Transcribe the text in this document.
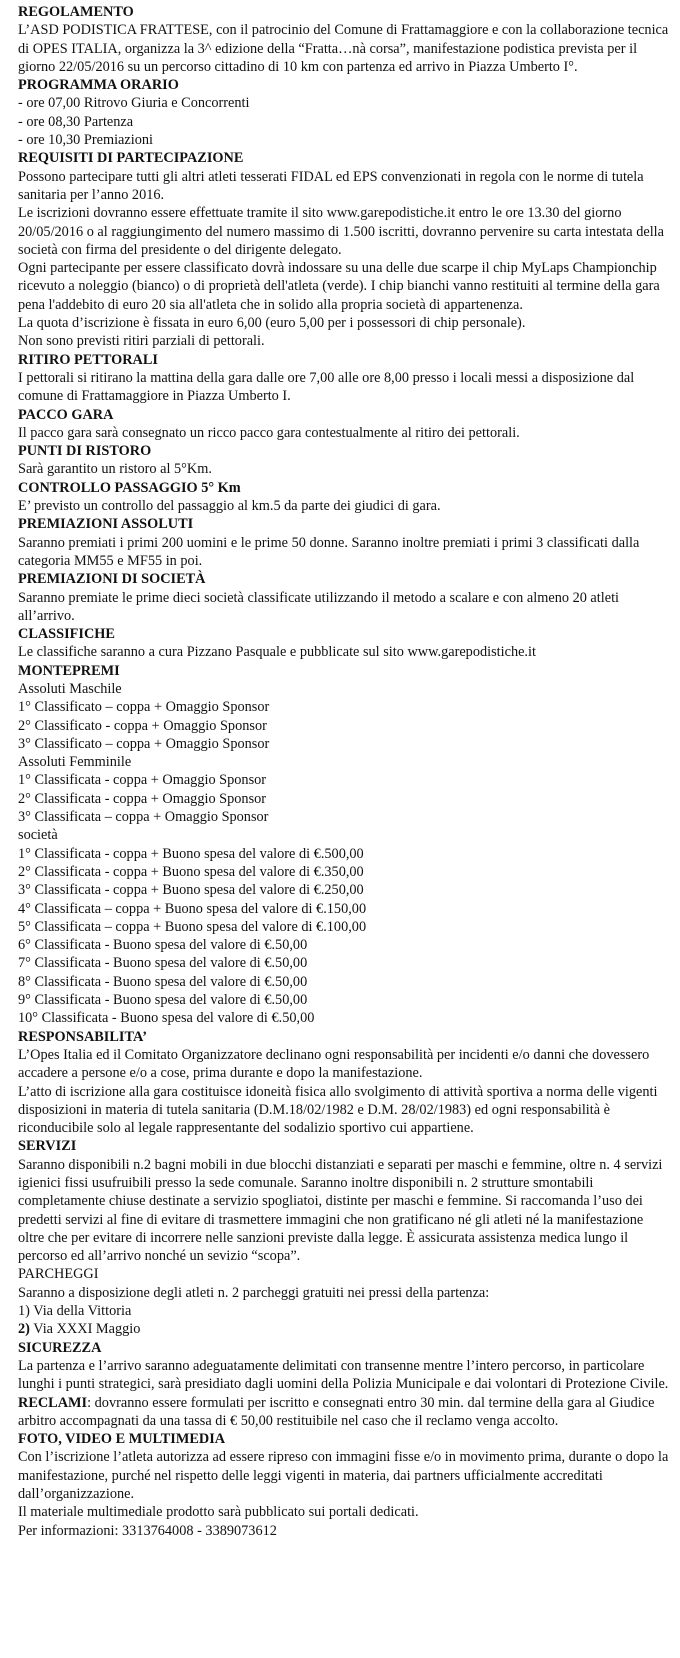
REGOLAMENTO

L’ASD PODISTICA FRATTESE, con il patrocinio del Comune di Frattamaggiore e con la collaborazione tecnica di OPES ITALIA, organizza la 3^ edizione della “Fratta…nà corsa”, manifestazione podistica prevista per il giorno 22/05/2016 su un percorso cittadino di 10 km con partenza ed arrivo in Piazza Umberto I°.

PROGRAMMA ORARIO

- ore 07,00 Ritrovo Giuria e Concorrenti

- ore 08,30 Partenza

- ore 10,30 Premiazioni

REQUISITI DI PARTECIPAZIONE

Possono partecipare tutti gli altri atleti tesserati FIDAL ed EPS convenzionati in regola con le norme di tutela sanitaria per l’anno 2016.

Le iscrizioni dovranno essere effettuate tramite il sito www.garepodistiche.it entro le ore 13.30 del giorno 20/05/2016 o al raggiungimento del numero massimo di 1.500 iscritti, dovranno pervenire su carta intestata della società con firma del presidente o del dirigente delegato.

Ogni partecipante per essere classificato dovrà indossare su una delle due scarpe il chip MyLaps Championchip ricevuto a noleggio (bianco) o di proprietà dell'atleta (verde). I chip bianchi vanno restituiti al termine della gara pena l'addebito di euro 20 sia all'atleta che in solido alla propria società di appartenenza.

La quota d’iscrizione è fissata in euro 6,00 (euro 5,00 per i possessori di chip personale).

Non sono previsti ritiri parziali di pettorali.

RITIRO PETTORALI

I pettorali si ritirano la mattina della gara dalle ore 7,00 alle ore 8,00 presso i locali messi a disposizione dal comune di Frattamaggiore in Piazza Umberto I.

PACCO GARA

Il pacco gara sarà consegnato un ricco pacco gara contestualmente al ritiro dei pettorali.

PUNTI DI RISTORO

Sarà garantito un ristoro al 5°Km.

CONTROLLO PASSAGGIO 5° Km

E’ previsto un controllo del passaggio al km.5 da parte dei giudici di gara.

PREMIAZIONI ASSOLUTI

Saranno premiati i primi 200 uomini e le prime 50 donne. Saranno inoltre premiati i primi 3 classificati dalla categoria MM55 e MF55 in poi.

PREMIAZIONI DI SOCIETÀ

Saranno premiate le prime dieci società classificate utilizzando il metodo a scalare e con almeno 20 atleti all’arrivo.

CLASSIFICHE

Le classifiche saranno a cura Pizzano Pasquale e pubblicate sul sito www.garepodistiche.it

MONTEPREMI

Assoluti Maschile

1° Classificato – coppa + Omaggio Sponsor

2° Classificato - coppa + Omaggio Sponsor

3° Classificato – coppa + Omaggio Sponsor

Assoluti Femminile

1° Classificata - coppa + Omaggio Sponsor

2° Classificata - coppa + Omaggio Sponsor

3° Classificata – coppa + Omaggio Sponsor

società

1° Classificata - coppa + Buono spesa del valore di €.500,00

2° Classificata - coppa + Buono spesa del valore di €.350,00

3° Classificata - coppa + Buono spesa del valore di €.250,00

4° Classificata – coppa + Buono spesa del valore di €.150,00

5° Classificata – coppa + Buono spesa del valore di €.100,00

6° Classificata - Buono spesa del valore di €.50,00

7° Classificata - Buono spesa del valore di €.50,00

8° Classificata - Buono spesa del valore di €.50,00

9° Classificata - Buono spesa del valore di €.50,00

10° Classificata - Buono spesa del valore di €.50,00

RESPONSABILITA’

L’Opes Italia ed il Comitato Organizzatore declinano ogni responsabilità per incidenti e/o danni che dovessero accadere a persone e/o a cose, prima durante e dopo la manifestazione.

L’atto di iscrizione alla gara costituisce idoneità fisica allo svolgimento di attività sportiva a norma delle vigenti disposizioni in materia di tutela sanitaria (D.M.18/02/1982 e D.M. 28/02/1983) ed ogni responsabilità è riconducibile solo al legale rappresentante del sodalizio sportivo cui appartiene.

SERVIZI

Saranno disponibili n.2 bagni mobili in due blocchi distanziati e separati per maschi e femmine, oltre n. 4 servizi igienici fissi usufruibili presso la sede comunale. Saranno inoltre disponibili n. 2 strutture smontabili completamente chiuse destinate a servizio spogliatoi, distinte per maschi e femmine. Si raccomanda l’uso dei predetti servizi al fine di evitare di trasmettere immagini che non gratificano né gli atleti né la manifestazione oltre che per evitare di incorrere nelle sanzioni previste dalla legge. È assicurata assistenza medica lungo il percorso ed all’arrivo nonché un sevizio “scopa”.

PARCHEGGI

Saranno a disposizione degli atleti n. 2 parcheggi gratuiti nei pressi della partenza:

1) Via della Vittoria

2) Via XXXI Maggio

SICUREZZA

La partenza e l’arrivo saranno adeguatamente delimitati con transenne mentre l’intero percorso, in particolare lunghi i punti strategici, sarà presidiato dagli uomini della Polizia Municipale e dai volontari di Protezione Civile.

RECLAMI: dovranno essere formulati per iscritto e consegnati entro 30 min. dal termine della gara al Giudice arbitro accompagnati da una tassa di € 50,00 restituibile nel caso che il reclamo venga accolto.

FOTO, VIDEO E MULTIMEDIA

Con l’iscrizione l’atleta autorizza ad essere ripreso con immagini fisse e/o in movimento prima, durante o dopo la manifestazione, purché nel rispetto delle leggi vigenti in materia, dai partners ufficialmente accreditati dall’organizzazione.

Il materiale multimediale prodotto sarà pubblicato sui portali dedicati.

Per informazioni: 3313764008 - 3389073612
